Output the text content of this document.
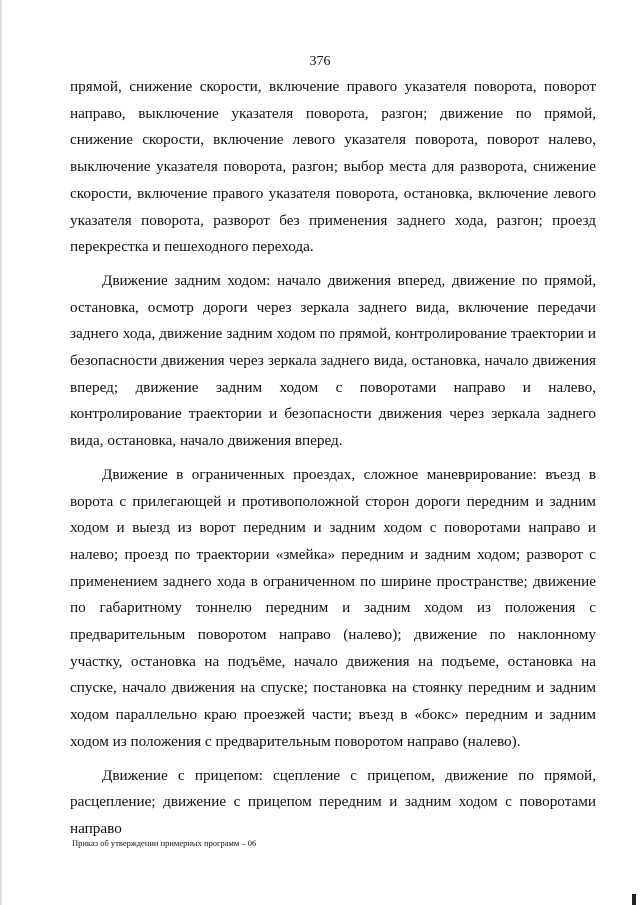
376

прямой, снижение скорости, включение правого указателя поворота, поворот направо, выключение указателя поворота, разгон; движение по прямой, снижение скорости, включение левого указателя поворота, поворот налево, выключение указателя поворота, разгон; выбор места для разворота, снижение скорости, включение правого указателя поворота, остановка, включение левого указателя поворота, разворот без применения заднего хода, разгон; проезд перекрестка и пешеходного перехода.

Движение задним ходом: начало движения вперед, движение по прямой, остановка, осмотр дороги через зеркала заднего вида, включение передачи заднего хода, движение задним ходом по прямой, контролирование траектории и безопасности движения через зеркала заднего вида, остановка, начало движения вперед; движение задним ходом с поворотами направо и налево, контролирование траектории и безопасности движения через зеркала заднего вида, остановка, начало движения вперед.

Движение в ограниченных проездах, сложное маневрирование: въезд в ворота с прилегающей и противоположной сторон дороги передним и задним ходом и выезд из ворот передним и задним ходом с поворотами направо и налево; проезд по траектории «змейка» передним и задним ходом; разворот с применением заднего хода в ограниченном по ширине пространстве; движение по габаритному тоннелю передним и задним ходом из положения с предварительным поворотом направо (налево); движение по наклонному участку, остановка на подъёме, начало движения на подъеме, остановка на спуске, начало движения на спуске; постановка на стоянку передним и задним ходом параллельно краю проезжей части; въезд в «бокс» передним и задним ходом из положения с предварительным поворотом направо (налево).

Движение с прицепом: сцепление с прицепом, движение по прямой, расцепление; движение с прицепом передним и задним ходом с поворотами направо

Приказ об утверждении примерных программ – 06
